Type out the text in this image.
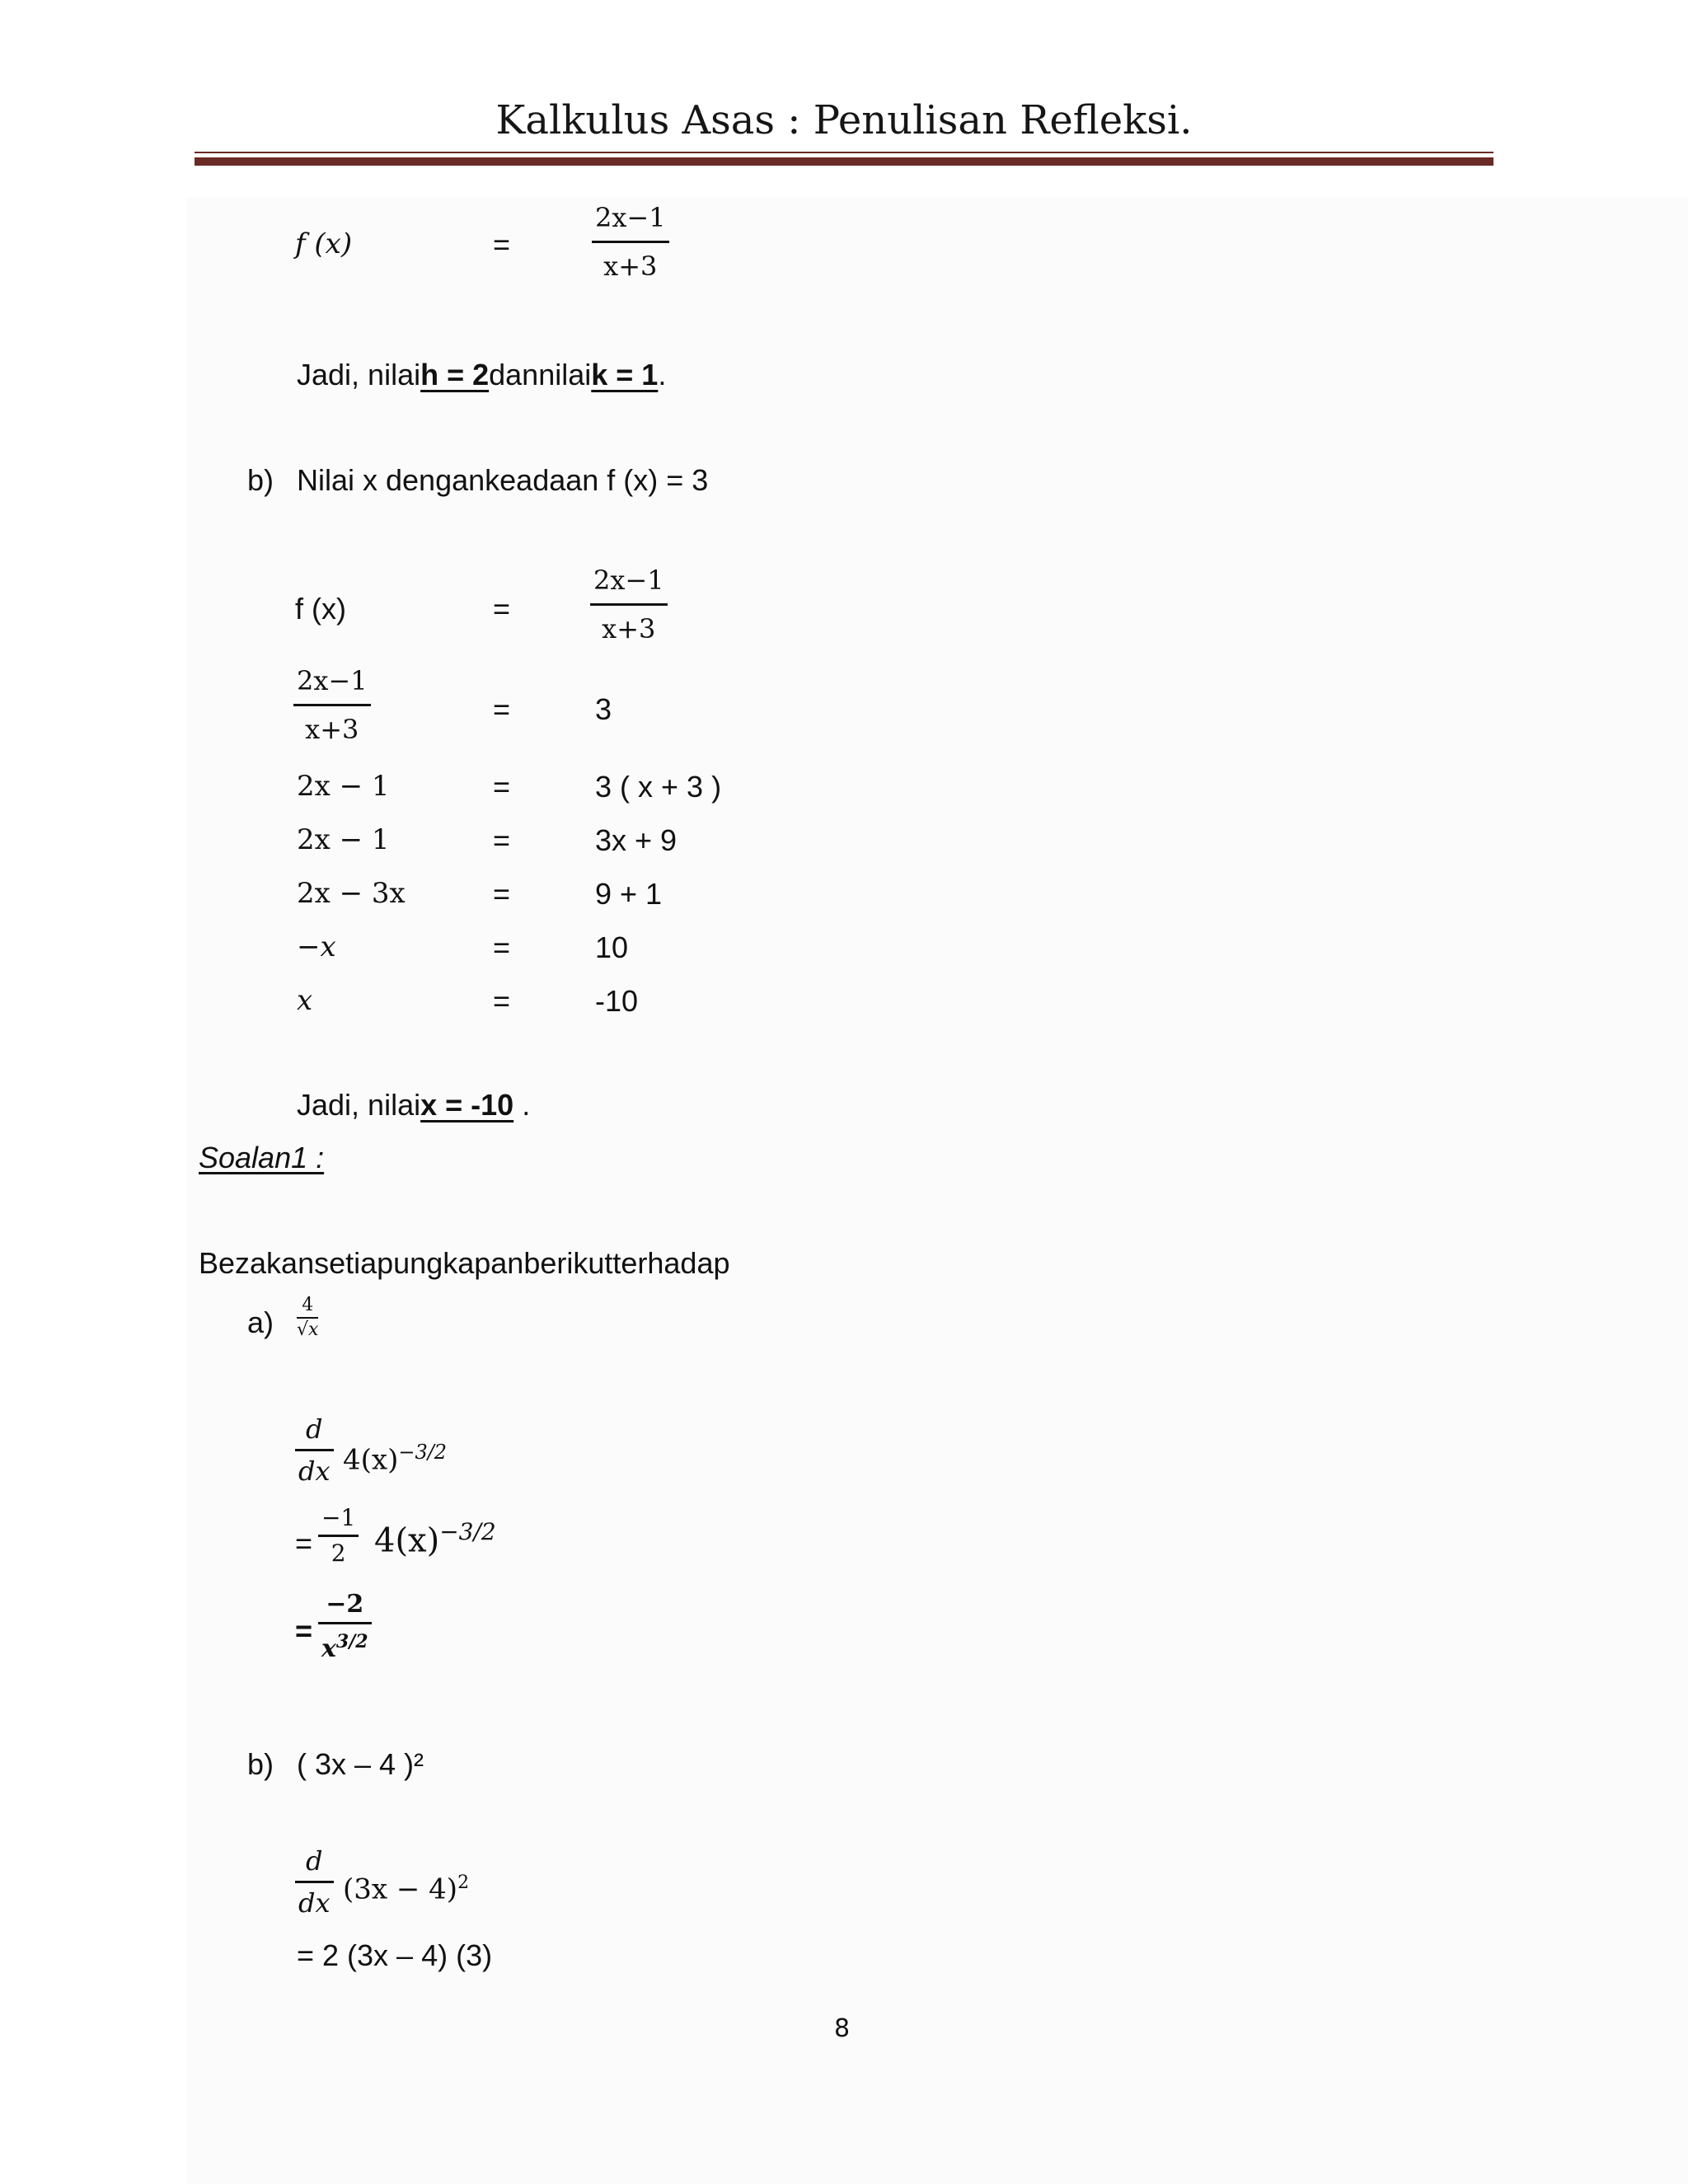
Kalkulus Asas : Penulisan Refleksi.
f (x)	=
2x−1
x+3
Jadi, nilaih = 2dannilaik = 1.
b) Nilai x dengankeadaan f (x) = 3
f (x)	=
2x−1
x+3
2x−1
x+3
=	3
2x − 1	=	3 ( x + 3 )
2x − 1	=	3x + 9
2x − 3x	=	9 + 1
−x	=	10
x	=	-10
Jadi, nilaix = -10 .
Soalan1 :
Bezakansetiapungkapanberikutterhadap
a)
4
√x
d
dx $4(x)^{-3/2}$
=
−1
2 $4(x)^{-3/2}$
=
−2
$x^{3/2}$
b) ( 3x – 4 )²
d
dx $(3x - 4)^2$
= 2 (3x – 4) (3)
8
